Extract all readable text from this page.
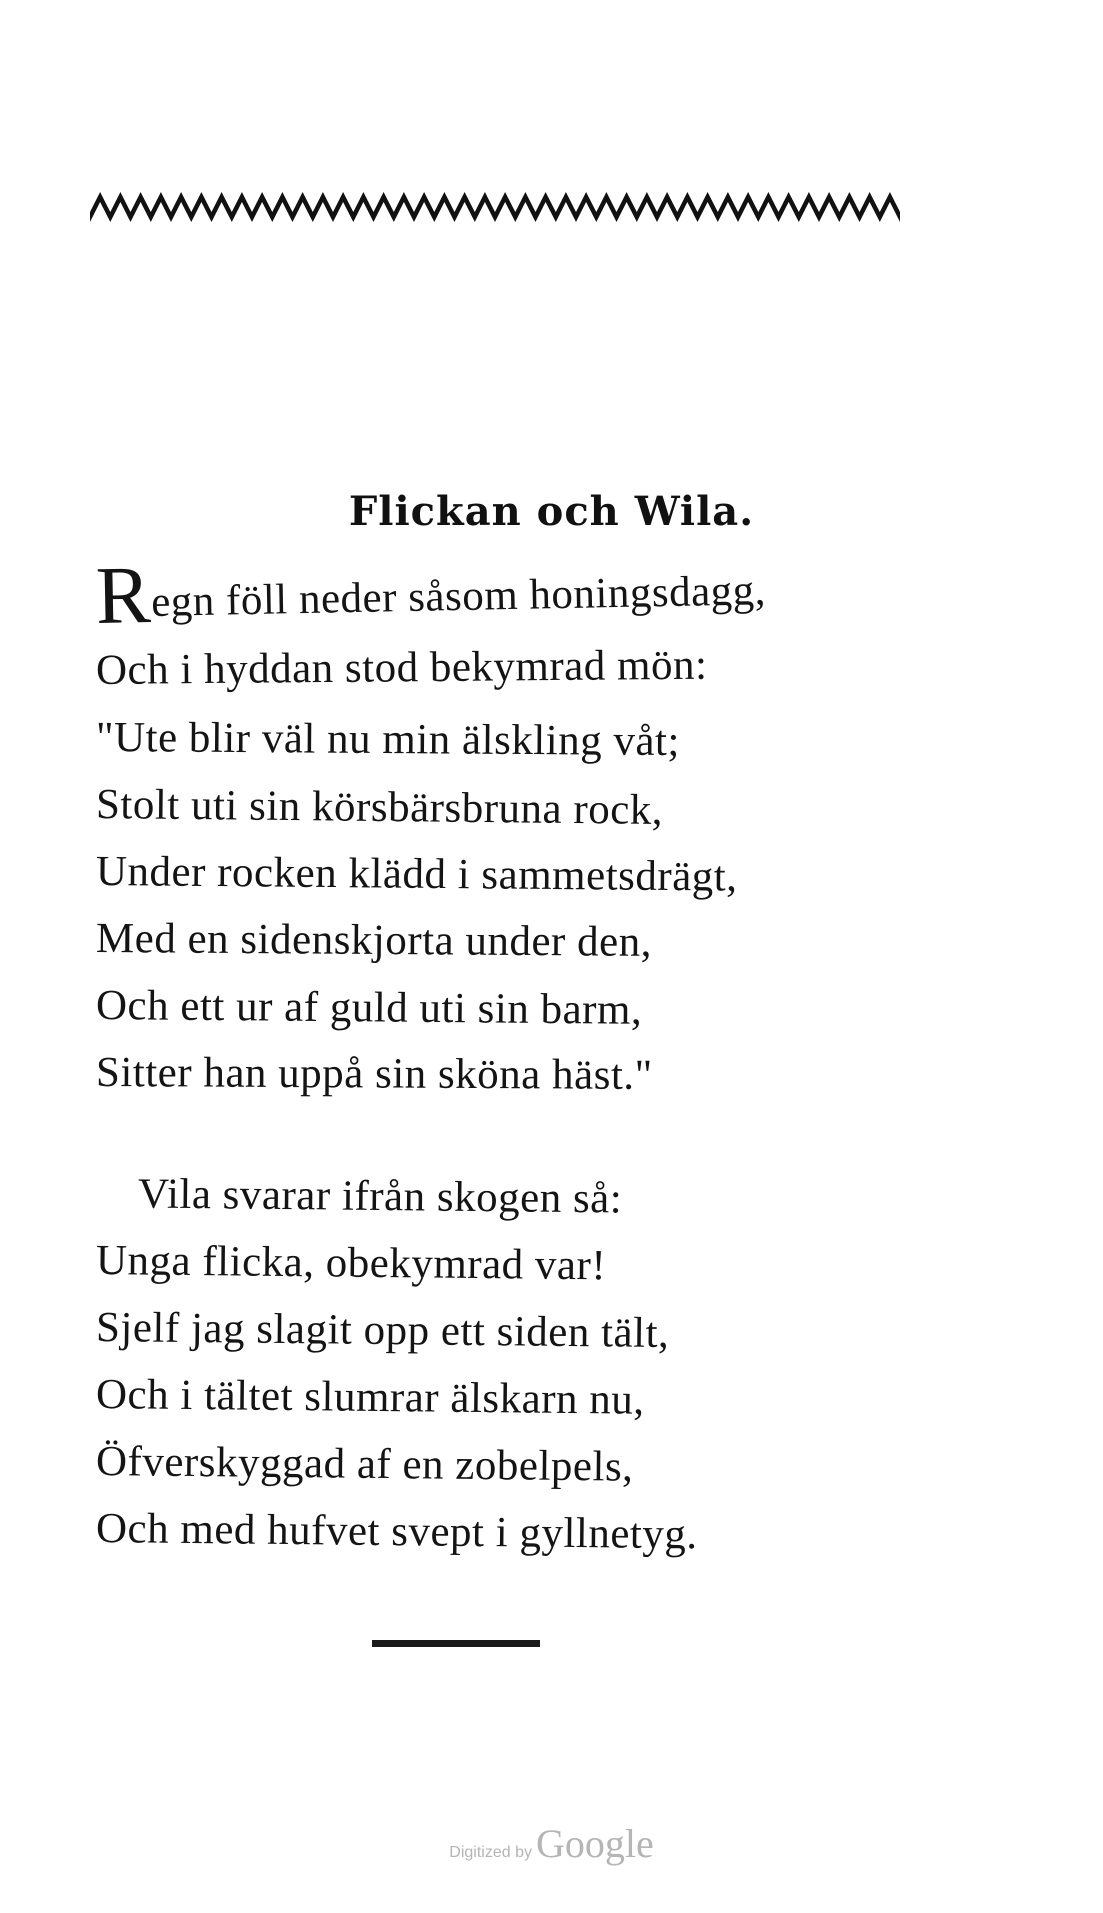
Flickan och Wila.
Regn föll neder såsom honingsdagg,
Och i hyddan stod bekymrad mön:
"Ute blir väl nu min älskling våt;
Stolt uti sin körsbärsbruna rock,
Under rocken klädd i sammetsdrägt,
Med en sidenskjorta under den,
Och ett ur af guld uti sin barm,
Sitter han uppå sin sköna häst."
Vila svarar ifrån skogen så:
Unga flicka, obekymrad var!
Sjelf jag slagit opp ett siden tält,
Och i tältet slumrar älskarn nu,
Öfverskyggad af en zobelpels,
Och med hufvet svept i gyllnetyg.
Digitized by Google
